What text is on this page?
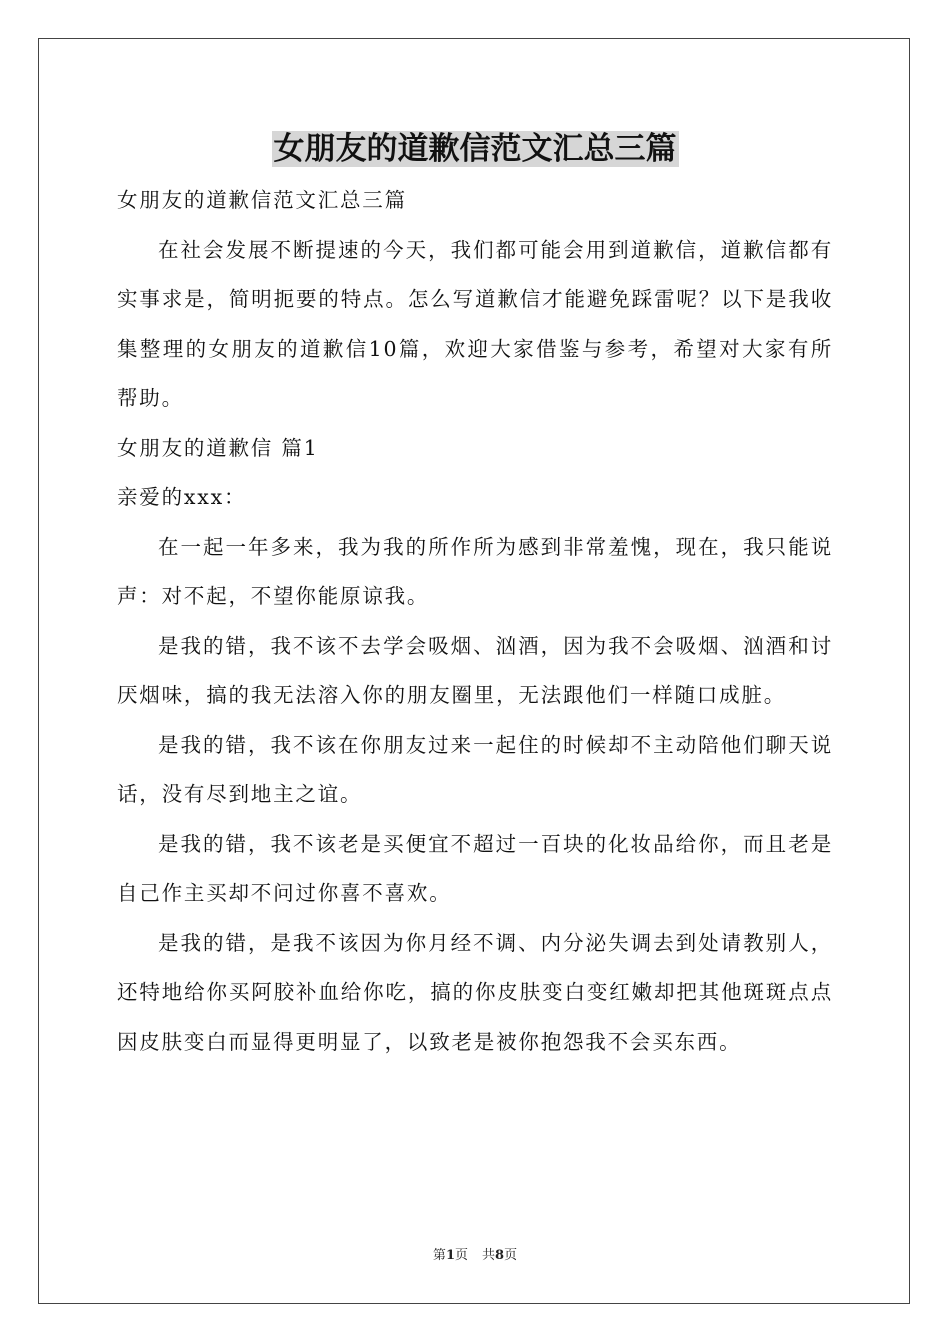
女朋友的道歉信范文汇总三篇

女朋友的道歉信范文汇总三篇

在社会发展不断提速的今天，我们都可能会用到道歉信，道歉信都有实事求是，简明扼要的特点。怎么写道歉信才能避免踩雷呢？以下是我收集整理的女朋友的道歉信10篇，欢迎大家借鉴与参考，希望对大家有所帮助。

女朋友的道歉信 篇1

亲爱的xxx：

在一起一年多来，我为我的所作所为感到非常羞愧，现在，我只能说声：对不起，不望你能原谅我。

是我的错，我不该不去学会吸烟、汹酒，因为我不会吸烟、汹酒和讨厌烟味，搞的我无法溶入你的朋友圈里，无法跟他们一样随口成脏。

是我的错，我不该在你朋友过来一起住的时候却不主动陪他们聊天说话，没有尽到地主之谊。

是我的错，我不该老是买便宜不超过一百块的化妆品给你，而且老是自己作主买却不问过你喜不喜欢。

是我的错，是我不该因为你月经不调、内分泌失调去到处请教别人，还特地给你买阿胶补血给你吃，搞的你皮肤变白变红嫩却把其他斑斑点点因皮肤变白而显得更明显了，以致老是被你抱怨我不会买东西。

第1页 共8页
